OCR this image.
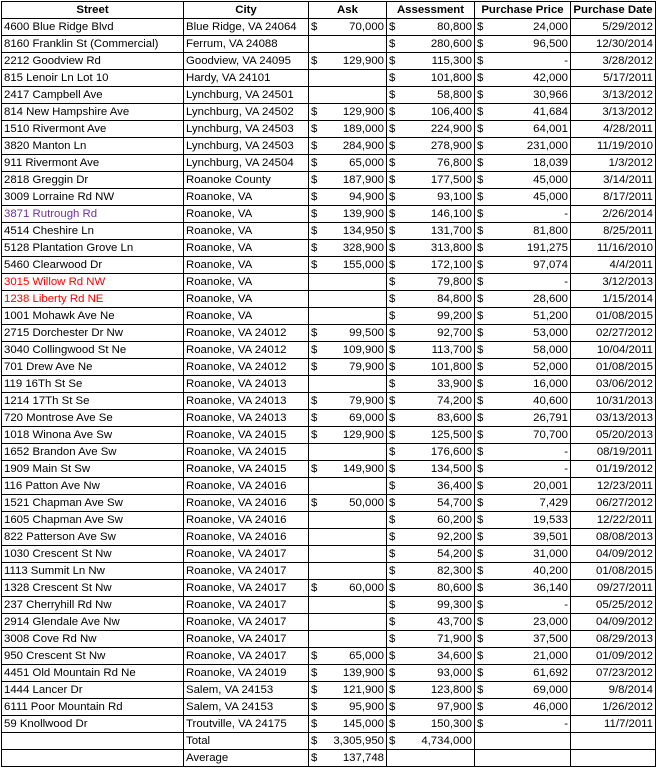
Street	City	Ask	Assessment	Purchase Price	Purchase Date
4600 Blue Ridge Blvd	Blue Ridge, VA 24064	$ 70,000	$ 80,800	$ 24,000	5/29/2012
8160 Franklin St (Commercial)	Ferrum, VA 24088		$ 280,600	$ 96,500	12/30/2014
2212 Goodview Rd	Goodview, VA 24095	$ 129,900	$ 115,300	$ -	3/28/2012
815 Lenoir Ln Lot 10	Hardy, VA 24101		$ 101,800	$ 42,000	5/17/2011
2417 Campbell Ave	Lynchburg, VA 24501		$ 58,800	$ 30,966	3/13/2012
814 New Hampshire Ave	Lynchburg, VA 24502	$ 129,900	$ 106,400	$ 41,684	3/13/2012
1510 Rivermont Ave	Lynchburg, VA 24503	$ 189,000	$ 224,900	$ 64,001	4/28/2011
3820 Manton Ln	Lynchburg, VA 24503	$ 284,900	$ 278,900	$ 231,000	11/19/2010
911 Rivermont Ave	Lynchburg, VA 24504	$ 65,000	$ 76,800	$ 18,039	1/3/2012
2818 Greggin Dr	Roanoke County	$ 187,900	$ 177,500	$ 45,000	3/14/2011
3009 Lorraine Rd NW	Roanoke, VA	$ 94,900	$ 93,100	$ 45,000	8/17/2011
3871 Rutrough Rd	Roanoke, VA	$ 139,900	$ 146,100	$ -	2/26/2014
4514 Cheshire Ln	Roanoke, VA	$ 134,950	$ 131,700	$ 81,800	8/25/2011
5128 Plantation Grove Ln	Roanoke, VA	$ 328,900	$ 313,800	$ 191,275	11/16/2010
5460 Clearwood Dr	Roanoke, VA	$ 155,000	$ 172,100	$ 97,074	4/4/2011
3015 Willow Rd NW	Roanoke, VA		$ 79,800	$ -	3/12/2013
1238 Liberty Rd NE	Roanoke, VA		$ 84,800	$ 28,600	1/15/2014
1001 Mohawk Ave Ne	Roanoke, VA		$ 99,200	$ 51,200	01/08/2015
2715 Dorchester Dr Nw	Roanoke, VA 24012	$ 99,500	$ 92,700	$ 53,000	02/27/2012
3040 Collingwood St Ne	Roanoke, VA 24012	$ 109,900	$ 113,700	$ 58,000	10/04/2011
701 Drew Ave Ne	Roanoke, VA 24012	$ 79,900	$ 101,800	$ 52,000	01/08/2015
119 16Th St Se	Roanoke, VA 24013		$ 33,900	$ 16,000	03/06/2012
1214 17Th St Se	Roanoke, VA 24013	$ 79,900	$ 74,200	$ 40,600	10/31/2013
720 Montrose Ave Se	Roanoke, VA 24013	$ 69,000	$ 83,600	$ 26,791	03/13/2013
1018 Winona Ave Sw	Roanoke, VA 24015	$ 129,900	$ 125,500	$ 70,700	05/20/2013
1652 Brandon Ave Sw	Roanoke, VA 24015		$ 176,600	$ -	08/19/2011
1909 Main St Sw	Roanoke, VA 24015	$ 149,900	$ 134,500	$ -	01/19/2012
116 Patton Ave Nw	Roanoke, VA 24016		$ 36,400	$ 20,001	12/23/2011
1521 Chapman Ave Sw	Roanoke, VA 24016	$ 50,000	$ 54,700	$ 7,429	06/27/2012
1605 Chapman Ave Sw	Roanoke, VA 24016		$ 60,200	$ 19,533	12/22/2011
822 Patterson Ave Sw	Roanoke, VA 24016		$ 92,200	$ 39,501	08/08/2013
1030 Crescent St Nw	Roanoke, VA 24017		$ 54,200	$ 31,000	04/09/2012
1113 Summit Ln Nw	Roanoke, VA 24017		$ 82,300	$ 40,200	01/08/2015
1328 Crescent St Nw	Roanoke, VA 24017	$ 60,000	$ 80,600	$ 36,140	09/27/2011
237 Cherryhill Rd Nw	Roanoke, VA 24017		$ 99,300	$ -	05/25/2012
2914 Glendale Ave Nw	Roanoke, VA 24017		$ 43,700	$ 23,000	04/09/2012
3008 Cove Rd Nw	Roanoke, VA 24017		$ 71,900	$ 37,500	08/29/2013
950 Crescent St Nw	Roanoke, VA 24017	$ 65,000	$ 34,600	$ 21,000	01/09/2012
4451 Old Mountain Rd Ne	Roanoke, VA 24019	$ 139,900	$ 93,000	$ 61,692	07/23/2012
1444 Lancer Dr	Salem, VA 24153	$ 121,900	$ 123,800	$ 69,000	9/8/2014
6111 Poor Mountain Rd	Salem, VA 24153	$ 95,900	$ 97,900	$ 46,000	1/26/2012
59 Knollwood Dr	Troutville, VA 24175	$ 145,000	$ 150,300	$ -	11/7/2011
	Total	$ 3,305,950	$ 4,734,000		

	Average	$ 137,748			
